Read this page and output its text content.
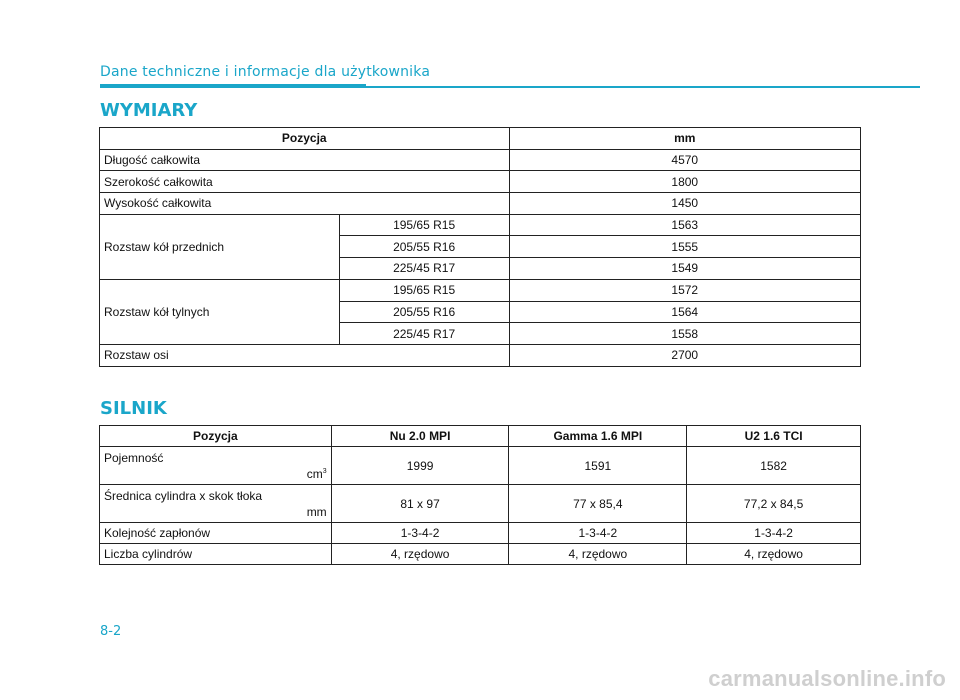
Dane techniczne i informacje dla użytkownika
WYMIARY
Pozycja		mm
Długość całkowita		4570
Szerokość całkowita		1800
Wysokość całkowita		1450
Rozstaw kół przednich	195/65 R15	1563
	205/55 R16	1555
	225/45 R17	1549
Rozstaw kół tylnych	195/65 R15	1572
	205/55 R16	1564
	225/45 R17	1558
Rozstaw osi		2700
SILNIK
Pozycja	Nu 2.0 MPI	Gamma 1.6 MPI	U2 1.6 TCI
Pojemność
$cm^3$	1999	1591	1582
Średnica cylindra x skok tłoka
mm	81 x 97	77 x 85,4	77,2 x 84,5
Kolejność zapłonów	1-3-4-2	1-3-4-2	1-3-4-2
Liczba cylindrów	4, rzędowo	4, rzędowo	4, rzędowo
8-2
carmanualsonline.info
